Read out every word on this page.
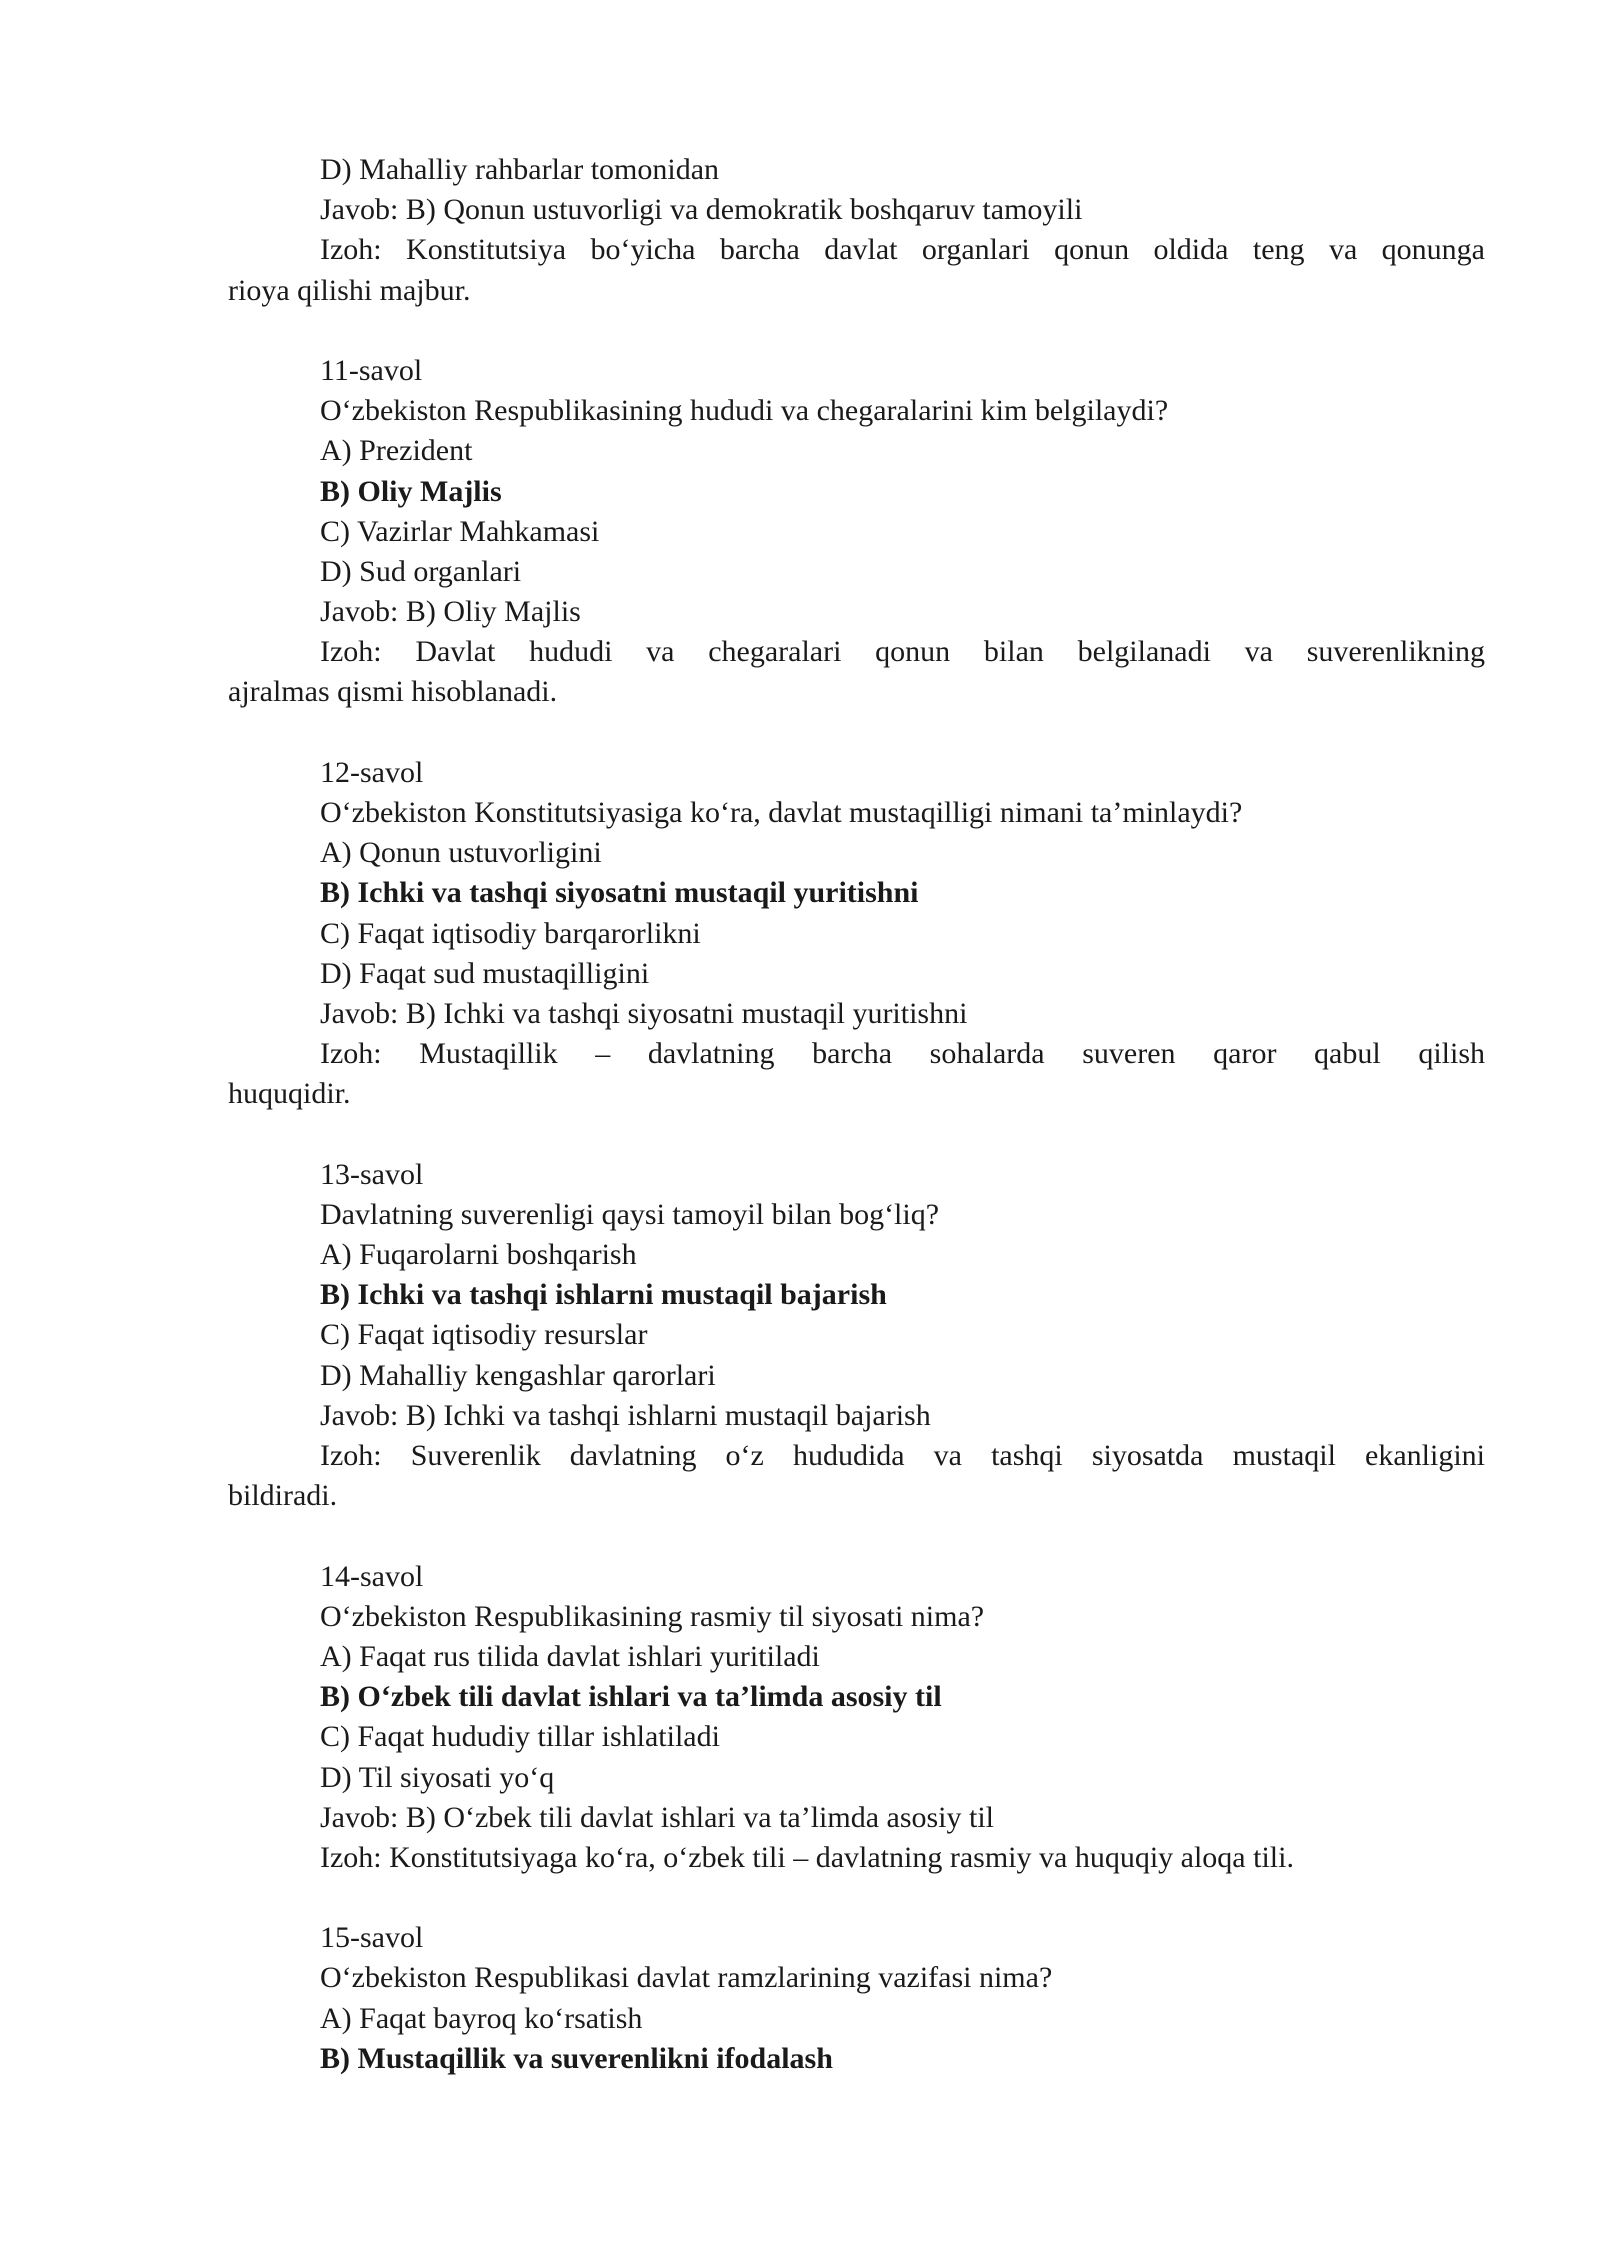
D) Mahalliy rahbarlar tomonidan
Javob: B) Qonun ustuvorligi va demokratik boshqaruv tamoyili
Izoh: Konstitutsiya bo‘yicha barcha davlat organlari qonun oldida teng va qonunga
rioya qilishi majbur.
11-savol
O‘zbekiston Respublikasining hududi va chegaralarini kim belgilaydi?
A) Prezident
B) Oliy Majlis
C) Vazirlar Mahkamasi
D) Sud organlari
Javob: B) Oliy Majlis
Izoh: Davlat hududi va chegaralari qonun bilan belgilanadi va suverenlikning
ajralmas qismi hisoblanadi.
12-savol
O‘zbekiston Konstitutsiyasiga ko‘ra, davlat mustaqilligi nimani ta’minlaydi?
A) Qonun ustuvorligini
B) Ichki va tashqi siyosatni mustaqil yuritishni
C) Faqat iqtisodiy barqarorlikni
D) Faqat sud mustaqilligini
Javob: B) Ichki va tashqi siyosatni mustaqil yuritishni
Izoh: Mustaqillik – davlatning barcha sohalarda suveren qaror qabul qilish
huquqidir.
13-savol
Davlatning suverenligi qaysi tamoyil bilan bog‘liq?
A) Fuqarolarni boshqarish
B) Ichki va tashqi ishlarni mustaqil bajarish
C) Faqat iqtisodiy resurslar
D) Mahalliy kengashlar qarorlari
Javob: B) Ichki va tashqi ishlarni mustaqil bajarish
Izoh: Suverenlik davlatning o‘z hududida va tashqi siyosatda mustaqil ekanligini
bildiradi.
14-savol
O‘zbekiston Respublikasining rasmiy til siyosati nima?
A) Faqat rus tilida davlat ishlari yuritiladi
B) O‘zbek tili davlat ishlari va ta’limda asosiy til
C) Faqat hududiy tillar ishlatiladi
D) Til siyosati yo‘q
Javob: B) O‘zbek tili davlat ishlari va ta’limda asosiy til
Izoh: Konstitutsiyaga ko‘ra, o‘zbek tili – davlatning rasmiy va huquqiy aloqa tili.
15-savol
O‘zbekiston Respublikasi davlat ramzlarining vazifasi nima?
A) Faqat bayroq ko‘rsatish
B) Mustaqillik va suverenlikni ifodalash
